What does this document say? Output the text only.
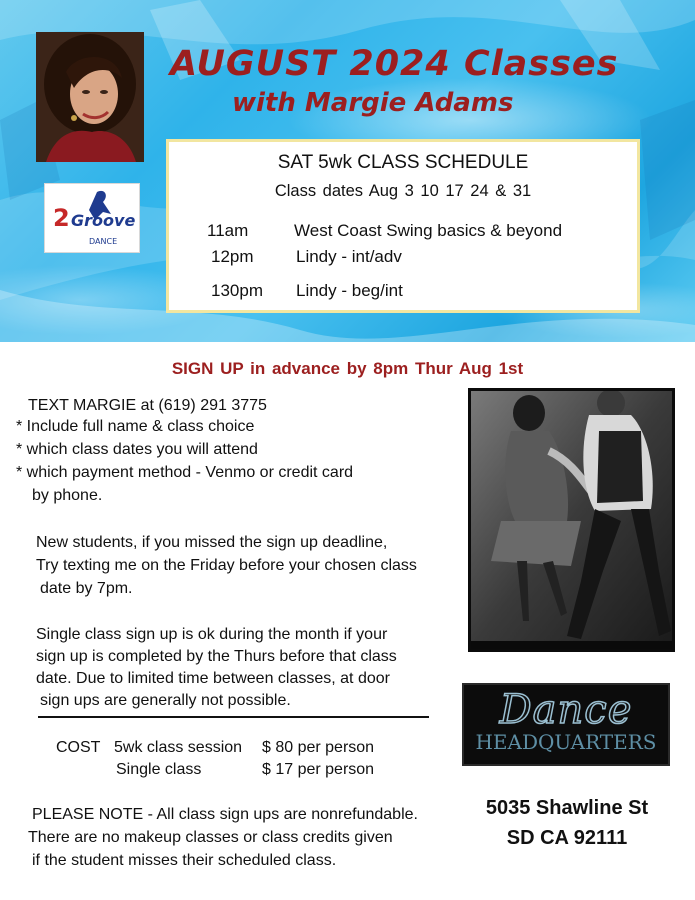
2 Groove
DANCE
AUGUST 2024 Classes
with Margie Adams
SAT 5wk CLASS SCHEDULE
Class dates Aug 3 10 17 24 & 31
11am	West Coast Swing basics & beyond
12pm Lindy - int/adv
130pm Lindy - beg/int
SIGN UP in advance by 8pm Thur Aug 1st
TEXT MARGIE at (619) 291 3775
* Include full name & class choice
* which class dates you will attend
* which payment method - Venmo or credit card
by phone.
New students, if you missed the sign up deadline,
Try texting me on the Friday before your chosen class
date by 7pm.
Single class sign up is ok during the month if your
sign up is completed by the Thurs before that class
date. Due to limited time between classes, at door
sign ups are generally not possible.
COST 5wk class session $ 80 per person
Single class	$ 17 per person
PLEASE NOTE - All class sign ups are nonrefundable.
There are no makeup classes or class credits given
if the student misses their scheduled class.
Dance
HEADQUARTERS
5035 Shawline St
SD CA 92111
